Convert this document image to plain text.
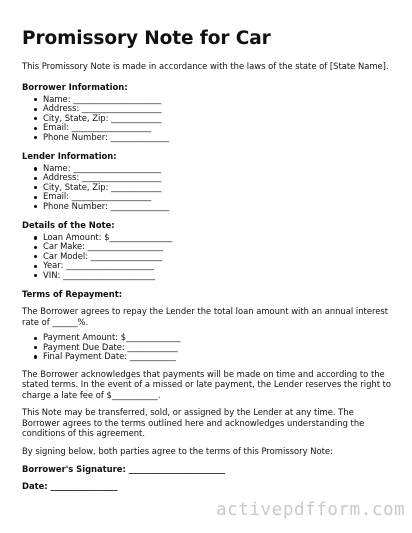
Promissory Note for Car

This Promissory Note is made in accordance with the laws of the state of [State Name].

Borrower Information:
Name: _____________________
Address: ___________________
City, State, Zip: ____________
Email: ___________________
Phone Number: ______________
Lender Information:
Name: _____________________
Address: ___________________
City, State, Zip: ____________
Email: ___________________
Phone Number: ______________
Details of the Note:
Loan Amount: $_______________
Car Make: __________________
Car Model: _________________
Year: _____________________
VIN: ______________________
Terms of Repayment:

The Borrower agrees to repay the Lender the total loan amount with an annual interest rate of ______%.

Payment Amount: $_____________
Payment Due Date: ____________
Final Payment Date: ___________

The Borrower acknowledges that payments will be made on time and according to the stated terms. In the event of a missed or late payment, the Lender reserves the right to charge a late fee of $___________.

This Note may be transferred, sold, or assigned by the Lender at any time. The Borrower agrees to the terms outlined here and acknowledges understanding the conditions of this agreement.

By signing below, both parties agree to the terms of this Promissory Note:

Borrower's Signature: _______________________

Date: ________________

activepdfform.com
